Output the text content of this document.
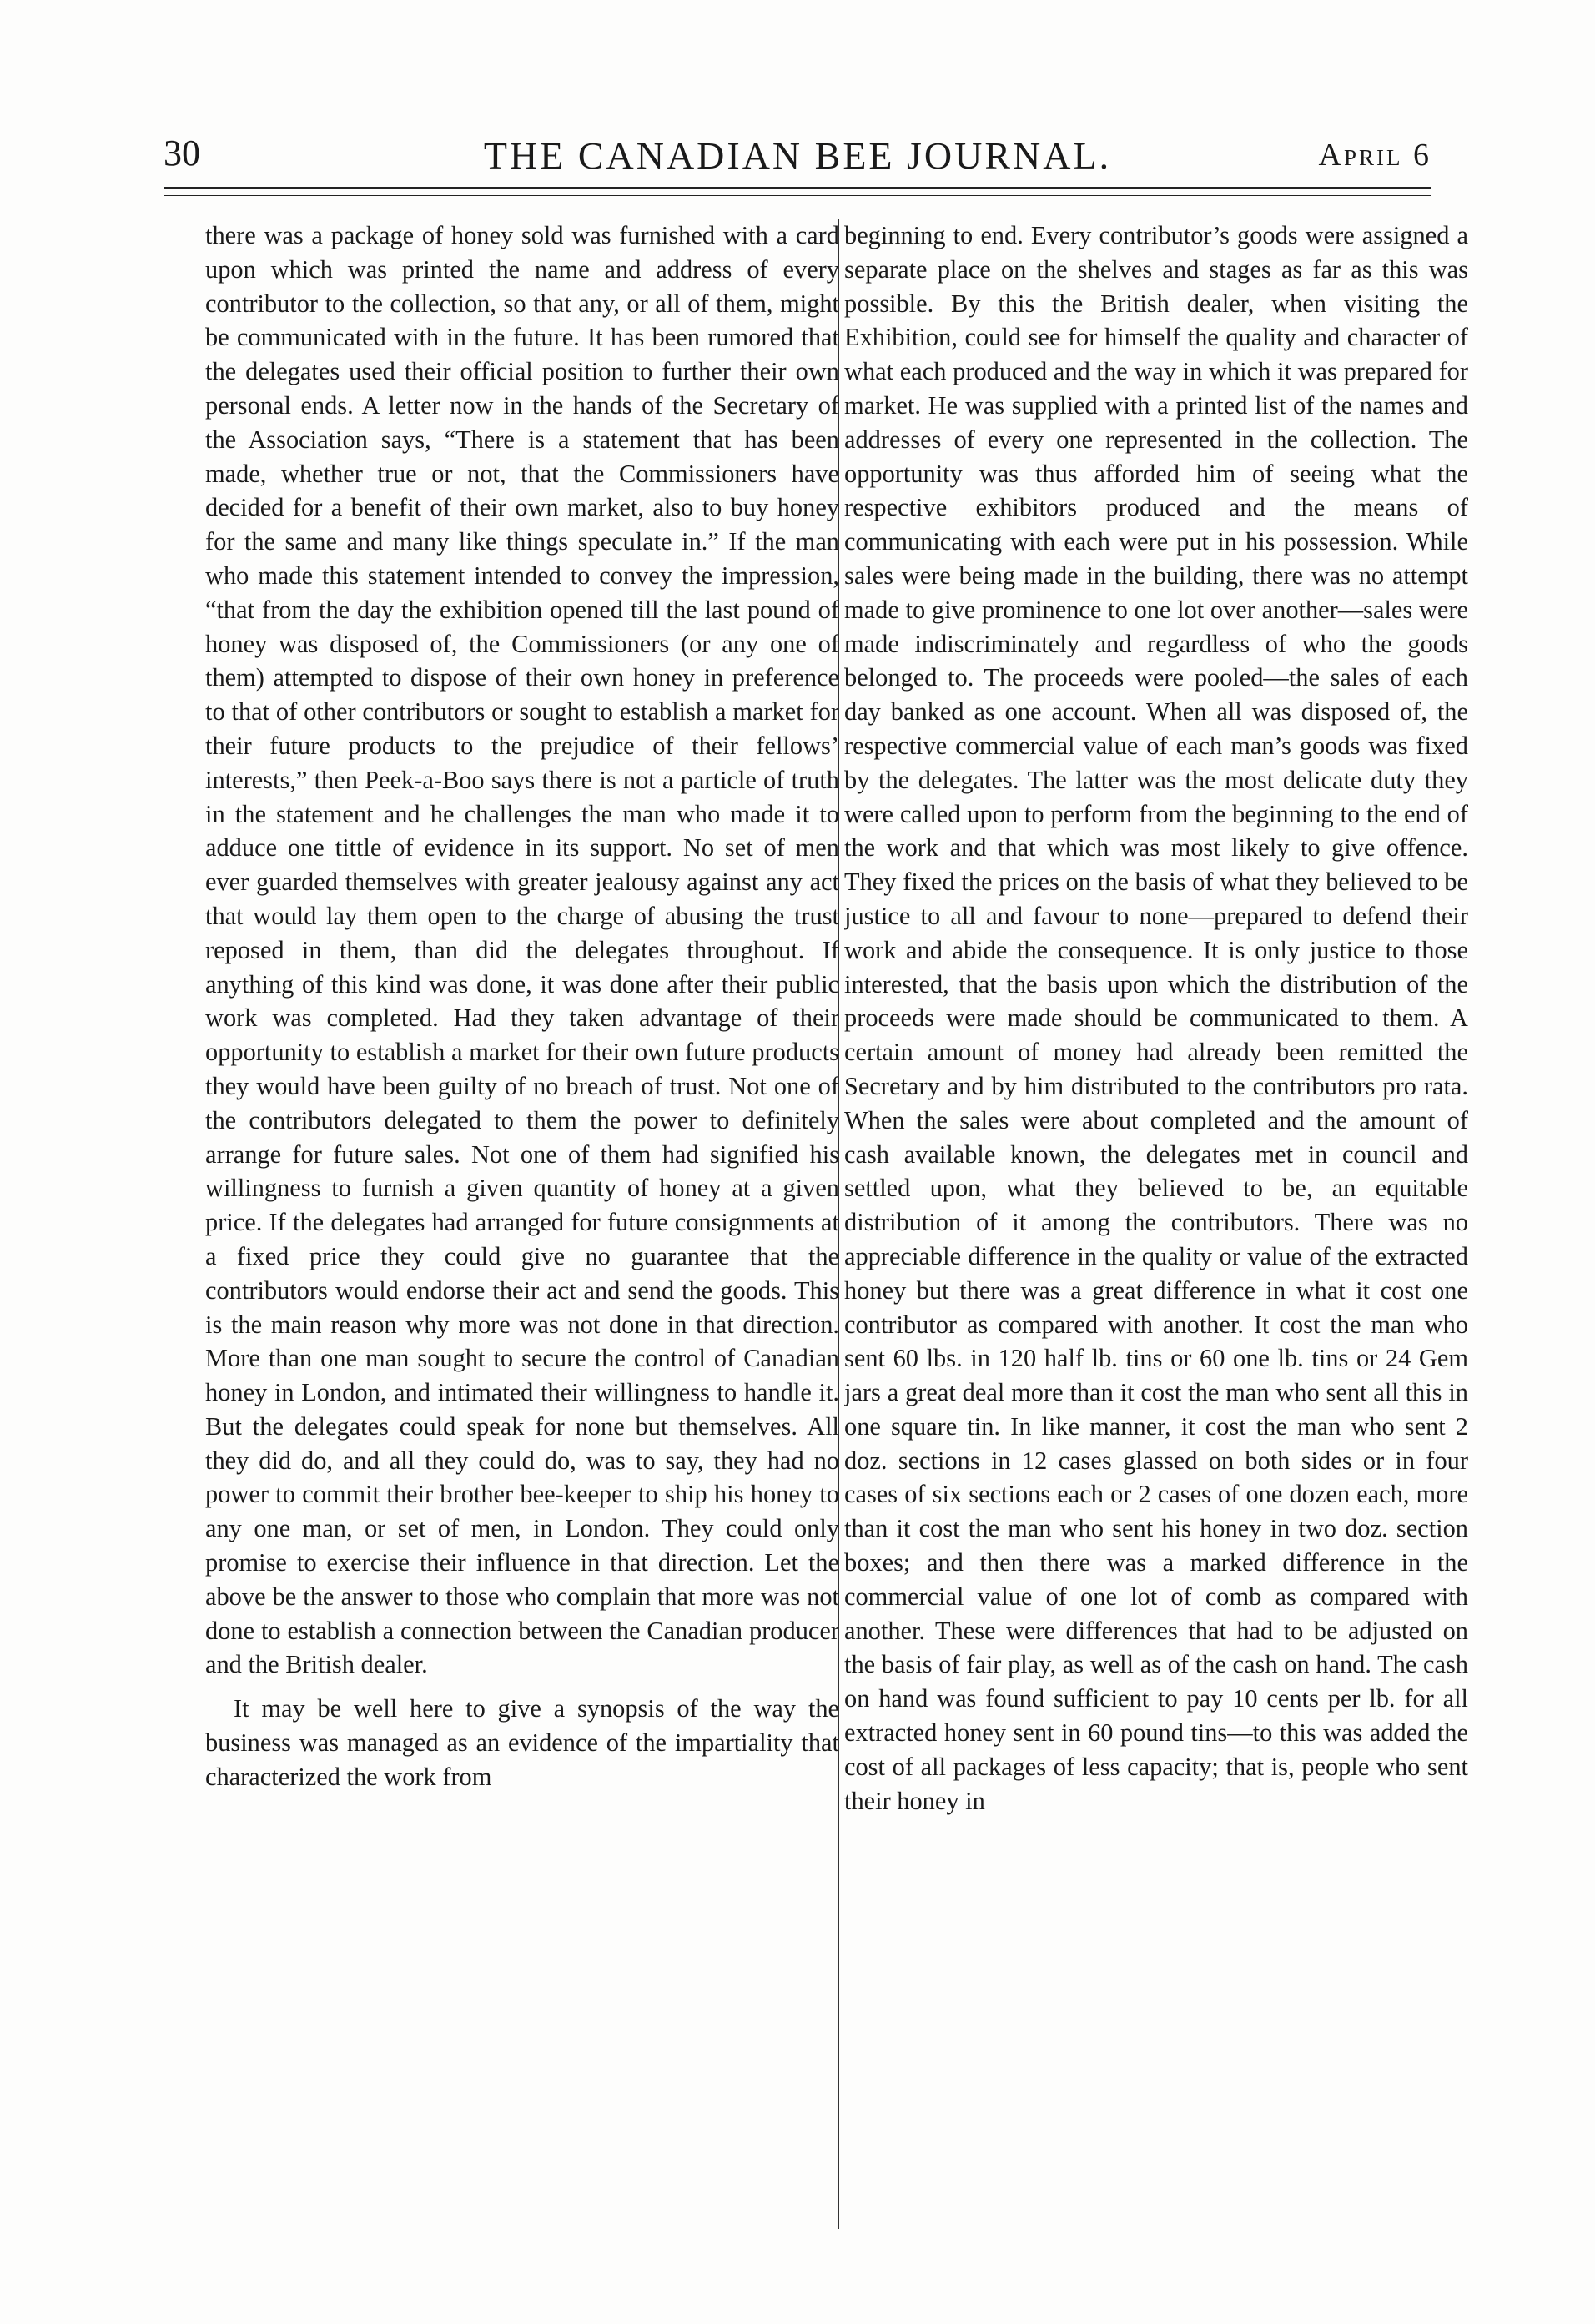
30	THE CANADIAN BEE JOURNAL.	April 6

there was a package of honey sold was furnished with a card upon which was printed the name and address of every contributor to the collection, so that any, or all of them, might be communicated with in the future. It has been rumored that the delegates used their official position to further their own personal ends. A letter now in the hands of the Secretary of the Association says, “There is a statement that has been made, whether true or not, that the Commissioners have decided for a benefit of their own market, also to buy honey for the same and many like things speculate in.” If the man who made this statement intended to convey the impression, “that from the day the exhibition opened till the last pound of honey was disposed of, the Commissioners (or any one of them) attempted to dispose of their own honey in preference to that of other contributors or sought to establish a market for their future products to the prejudice of their fellows’ interests,” then Peek-a-Boo says there is not a particle of truth in the statement and he challenges the man who made it to adduce one tittle of evidence in its support. No set of men ever guarded themselves with greater jealousy against any act that would lay them open to the charge of abusing the trust reposed in them, than did the delegates throughout. If anything of this kind was done, it was done after their public work was completed. Had they taken advantage of their opportunity to establish a market for their own future products they would have been guilty of no breach of trust. Not one of the contributors delegated to them the power to definitely arrange for future sales. Not one of them had signified his willingness to furnish a given quantity of honey at a given price. If the delegates had arranged for future consignments at a fixed price they could give no guarantee that the contributors would endorse their act and send the goods. This is the main reason why more was not done in that direction. More than one man sought to secure the control of Canadian honey in London, and intimated their willingness to handle it. But the delegates could speak for none but themselves. All they did do, and all they could do, was to say, they had no power to commit their brother bee-keeper to ship his honey to any one man, or set of men, in London. They could only promise to exercise their influence in that direction. Let the above be the answer to those who complain that more was not done to establish a connection between the Canadian producer and the British dealer.

It may be well here to give a synopsis of the way the business was managed as an evidence of the impartiality that characterized the work from

beginning to end. Every contributor’s goods were assigned a separate place on the shelves and stages as far as this was possible. By this the British dealer, when visiting the Exhibition, could see for himself the quality and character of what each produced and the way in which it was prepared for market. He was supplied with a printed list of the names and addresses of every one represented in the collection. The opportunity was thus afforded him of seeing what the respective exhibitors produced and the means of communicating with each were put in his possession. While sales were being made in the building, there was no attempt made to give prominence to one lot over another—sales were made indiscriminately and regardless of who the goods belonged to. The proceeds were pooled—the sales of each day banked as one account. When all was disposed of, the respective commercial value of each man’s goods was fixed by the delegates. The latter was the most delicate duty they were called upon to perform from the beginning to the end of the work and that which was most likely to give offence. They fixed the prices on the basis of what they believed to be justice to all and favour to none—prepared to defend their work and abide the consequence. It is only justice to those interested, that the basis upon which the distribution of the proceeds were made should be communicated to them. A certain amount of money had already been remitted the Secretary and by him distributed to the contributors pro rata. When the sales were about completed and the amount of cash available known, the delegates met in council and settled upon, what they believed to be, an equitable distribution of it among the contributors. There was no appreciable difference in the quality or value of the extracted honey but there was a great difference in what it cost one contributor as compared with another. It cost the man who sent 60 lbs. in 120 half lb. tins or 60 one lb. tins or 24 Gem jars a great deal more than it cost the man who sent all this in one square tin. In like manner, it cost the man who sent 2 doz. sections in 12 cases glassed on both sides or in four cases of six sections each or 2 cases of one dozen each, more than it cost the man who sent his honey in two doz. section boxes; and then there was a marked difference in the commercial value of one lot of comb as compared with another. These were differences that had to be adjusted on the basis of fair play, as well as of the cash on hand. The cash on hand was found sufficient to pay 10 cents per lb. for all extracted honey sent in 60 pound tins—to this was added the cost of all packages of less capacity; that is, people who sent their honey in
